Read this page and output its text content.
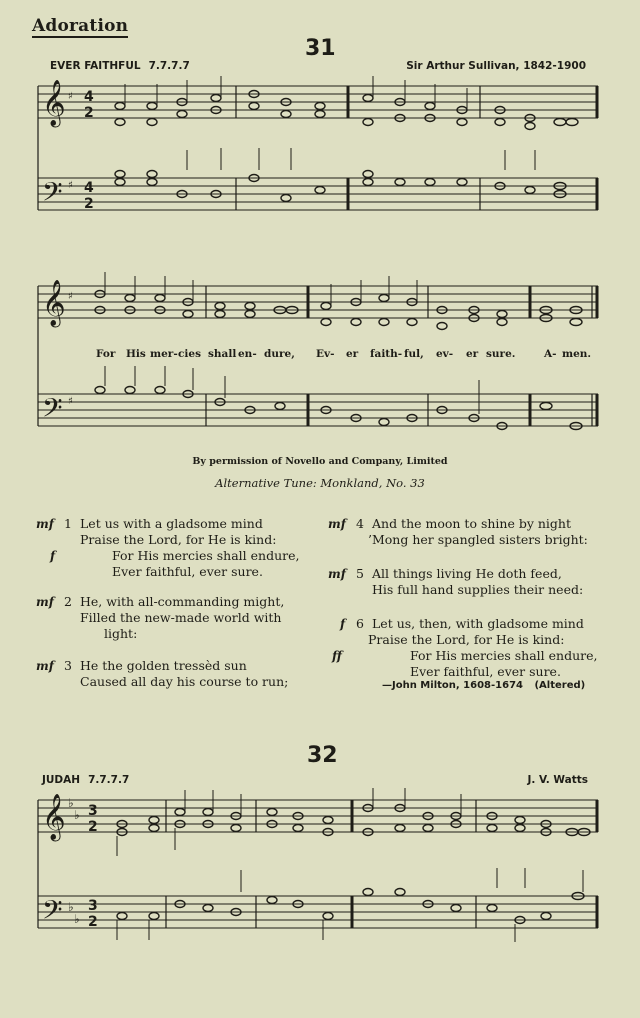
Adoration
31
EVER FAITHFUL 7.7.7.7	Sir Arthur Sullivan, 1842-1900
𝄞
𝄢
♯
♯
4
2
4
2
𝄞
𝄢
♯
♯
For His mer- cies shall en- dure, Ev- er faith- ful, ev- er sure.	A- men.
By permission of Novello and Company, Limited
Alternative Tune: Monkland, No. 33
mf 1 Let us with a gladsome mind
Praise the Lord, for He is kind:
f	For His mercies shall endure,
Ever faithful, ever sure.
mf 2 He, with all-commanding might,
Filled the new-made world with
light:
mf 3 He the golden tressèd sun
Caused all day his course to run;
mf 4 And the moon to shine by night
’Mong her spangled sisters bright:
mf 5 All things living He doth feed,
His full hand supplies their need:
f 6 Let us, then, with gladsome mind
Praise the Lord, for He is kind:
ff	For His mercies shall endure,
Ever faithful, ever sure.
—John Milton, 1608-1674 (Altered)
32
JUDAH 7.7.7.7	J. V. Watts
𝄞
𝄢
♭
♭
♭
♭
3
2
3
2
